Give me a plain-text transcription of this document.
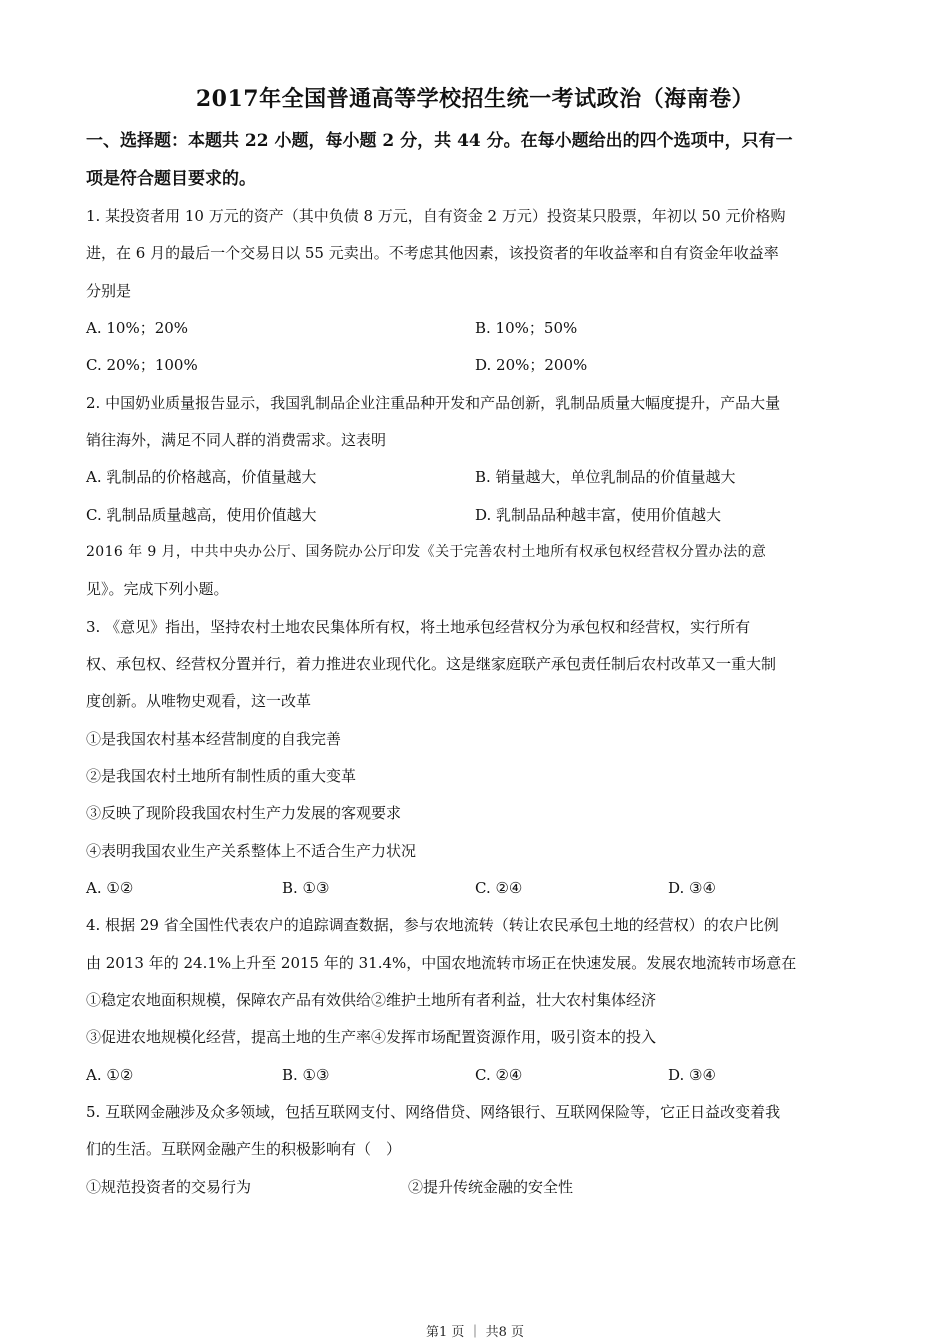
2017年全国普通高等学校招生统一考试政治（海南卷）
一、选择题：本题共 22 小题，每小题 2 分，共 44 分。在每小题给出的四个选项中，只有一
项是符合题目要求的。
1. 某投资者用 10 万元的资产（其中负债 8 万元，自有资金 2 万元）投资某只股票，年初以 50 元价格购
进，在 6 月的最后一个交易日以 55 元卖出。不考虑其他因素，该投资者的年收益率和自有资金年收益率
分别是
A. 10%；20%	B. 10%；50%
C. 20%；100%	D. 20%；200%
2. 中国奶业质量报告显示，我国乳制品企业注重品种开发和产品创新，乳制品质量大幅度提升，产品大量
销往海外，满足不同人群的消费需求。这表明
A. 乳制品的价格越高，价值量越大	B. 销量越大，单位乳制品的价值量越大
C. 乳制品质量越高，使用价值越大	D. 乳制品品种越丰富，使用价值越大
2016 年 9 月，中共中央办公厅、国务院办公厅印发《关于完善农村土地所有权承包权经营权分置办法的意
见》。完成下列小题。
3. 《意见》指出，坚持农村土地农民集体所有权，将土地承包经营权分为承包权和经营权，实行所有
权、承包权、经营权分置并行，着力推进农业现代化。这是继家庭联产承包责任制后农村改革又一重大制
度创新。从唯物史观看，这一改革
①是我国农村基本经营制度的自我完善
②是我国农村土地所有制性质的重大变革
③反映了现阶段我国农村生产力发展的客观要求
④表明我国农业生产关系整体上不适合生产力状况
A. ①②	B. ①③	C. ②④	D. ③④
4. 根据 29 省全国性代表农户的追踪调查数据，参与农地流转（转让农民承包土地的经营权）的农户比例
由 2013 年的 24.1%上升至 2015 年的 31.4%，中国农地流转市场正在快速发展。发展农地流转市场意在
①稳定农地面积规模，保障农产品有效供给②维护土地所有者利益，壮大农村集体经济
③促进农地规模化经营，提高土地的生产率④发挥市场配置资源作用，吸引资本的投入
A. ①②	B. ①③	C. ②④	D. ③④
5. 互联网金融涉及众多领域，包括互联网支付、网络借贷、网络银行、互联网保险等，它正日益改变着我
们的生活。互联网金融产生的积极影响有（　）
①规范投资者的交易行为	②提升传统金融的安全性
第1 页 ｜ 共8 页
